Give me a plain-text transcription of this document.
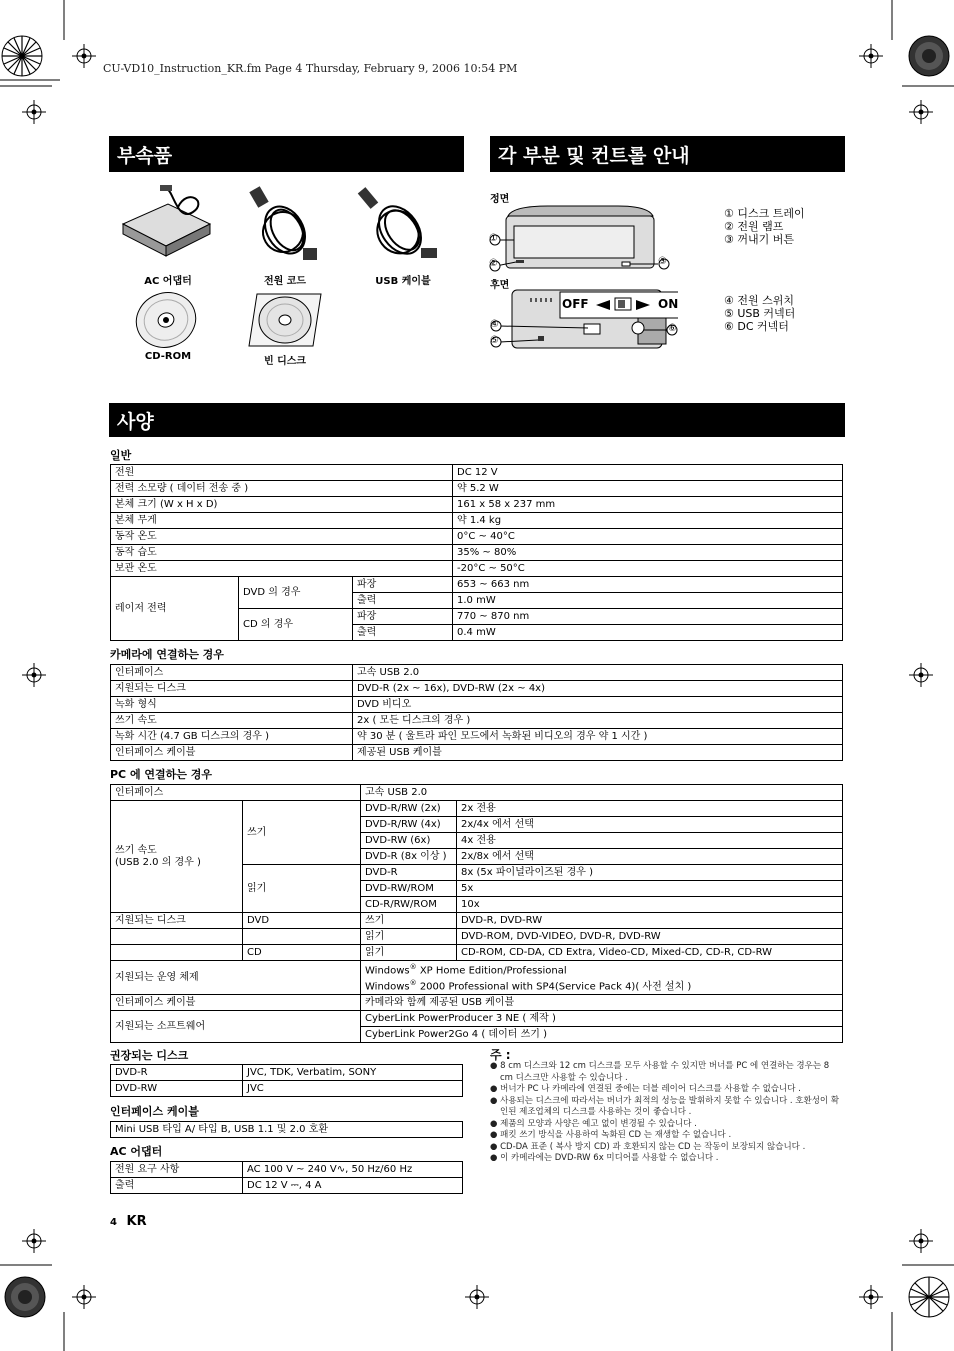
CU-VD10_Instruction_KR.fm Page 4 Thursday, February 9, 2006 10:54 PM
부속품
AC 어댑터	전원 코드	USB 케이블
CD-ROM	빈 디스크
각 부분 및 컨트롤 안내
정면
①
②	③
① 디스크 트레이
② 전원 램프
③ 꺼내기 버튼
후면
OFF	ON
④
⑤
⑥
④ 전원 스위치
⑤ USB 커넥터
⑥ DC 커넥터
사양
일반
전원			DC 12 V
전력 소모량 ( 데이터 전송 중 )			약 5.2 W
본체 크기 (W x H x D)			161 x 58 x 237 mm
본체 무게			약 1.4 kg
동작 온도			0°C ~ 40°C
동작 습도			35% ~ 80%
보관 온도			-20°C ~ 50°C
레이저 전력	DVD 의 경우	파장	653 ~ 663 nm
		출력	1.0 mW
	CD 의 경우	파장	770 ~ 870 nm
		출력	0.4 mW
카메라에 연결하는 경우
인터페이스	고속 USB 2.0
지원되는 디스크	DVD-R (2x ~ 16x), DVD-RW (2x ~ 4x)
녹화 형식	DVD 비디오
쓰기 속도	2x ( 모든 디스크의 경우 )
녹화 시간 (4.7 GB 디스크의 경우 )	약 30 분 ( 울트라 파인 모드에서 녹화된 비디오의 경우 약 1 시간 )
인터페이스 케이블	제공된 USB 케이블
PC 에 연결하는 경우
인터페이스		고속 USB 2.0	

쓰기 속도
(USB 2.0 의 경우 )	쓰기	DVD-R/RW (2x)	2x 전용
		DVD-R/RW (4x)	2x/4x 에서 선택
		DVD-RW (6x)	4x 전용
		DVD-R (8x 이상 )	2x/8x 에서 선택
	읽기	DVD-R	8x (5x 파이널라이즈된 경우 )
		DVD-RW/ROM	5x
		CD-R/RW/ROM	10x
지원되는 디스크	DVD	쓰기	DVD-R, DVD-RW
		읽기	DVD-ROM, DVD-VIDEO, DVD-R, DVD-RW
	CD	읽기	CD-ROM, CD-DA, CD Extra, Video-CD, Mixed-CD, CD-R, CD-RW
지원되는 운영 체제		Windows® XP Home Edition/Professional
Windows® 2000 Professional with SP4(Service Pack 4)( 사전 설치 )	

인터페이스 케이블		카메라와 함께 제공된 USB 케이블	
지원되는 소프트웨어		CyberLink PowerProducer 3 NE ( 제작 )	
		CyberLink Power2Go 4 ( 데이터 쓰기 )	
권장되는 디스크
DVD-R	JVC, TDK, Verbatim, SONY
DVD-RW	JVC
인터페이스 케이블
Mini USB 타입 A/ 타입 B, USB 1.1 및 2.0 호환
AC 어댑터
전원 요구 사항	AC 100 V ~ 240 V∿, 50 Hz/60 Hz
출력	DC 12 V ⎓, 4 A
주 :
● 8 cm 디스크와 12 cm 디스크를 모두 사용할 수 있지만 버너를 PC 에 연결하는 경우는 8 cm 디스크만 사용할 수 있습니다 .
● 버너가 PC 나 카메라에 연결된 중에는 더블 레이어 디스크를 사용할 수 없습니다 .
● 사용되는 디스크에 따라서는 버너가 최적의 성능을 발휘하지 못할 수 있습니다 . 호환성이 확인된 제조업체의 디스크를 사용하는 것이 좋습니다 .
● 제품의 모양과 사양은 예고 없이 변경될 수 있습니다 .
● 패킷 쓰기 방식을 사용하여 녹화된 CD 는 재생할 수 없습니다 .
● CD-DA 표준 ( 복사 방지 CD) 과 호환되지 않는 CD 는 작동이 보장되지 않습니다 .
● 이 카메라에는 DVD-RW 6x 미디어를 사용할 수 없습니다 .
4 KR
